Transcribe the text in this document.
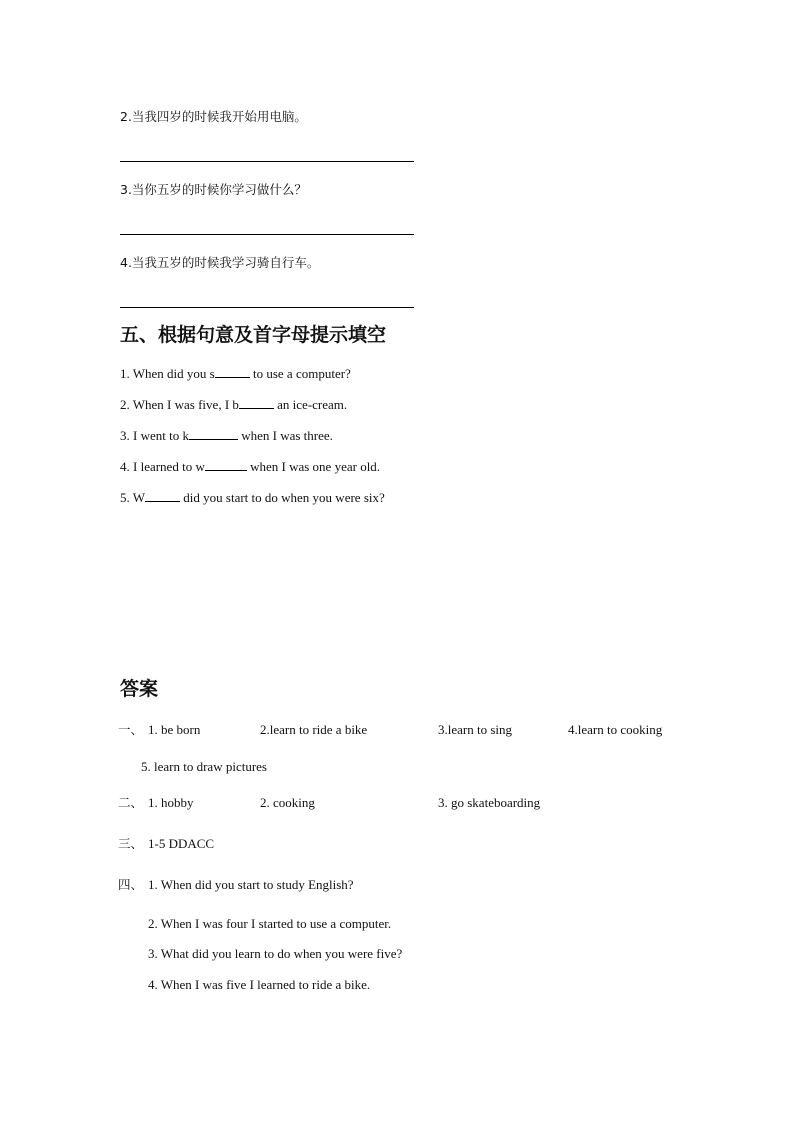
2.当我四岁的时候我开始用电脑。
3.当你五岁的时候你学习做什么？
4.当我五岁的时候我学习骑自行车。
五、根据句意及首字母提示填空
1. When did you s	to use a computer?
2. When I was five, I b	an ice-cream.
3. I went to k	when I was three.
4. I learned to w	when I was one year old.
5. W	did you start to do when you were six?
答案
一、 1. be born	2.learn to ride a bike	3.learn to sing	4.learn to cooking
5. learn to draw pictures
二、 1. hobby	2. cooking	3. go skateboarding
三、 1-5 DDACC
四、 1. When did you start to study English?
2. When I was four I started to use a computer.
3. What did you learn to do when you were five?
4. When I was five I learned to ride a bike.
